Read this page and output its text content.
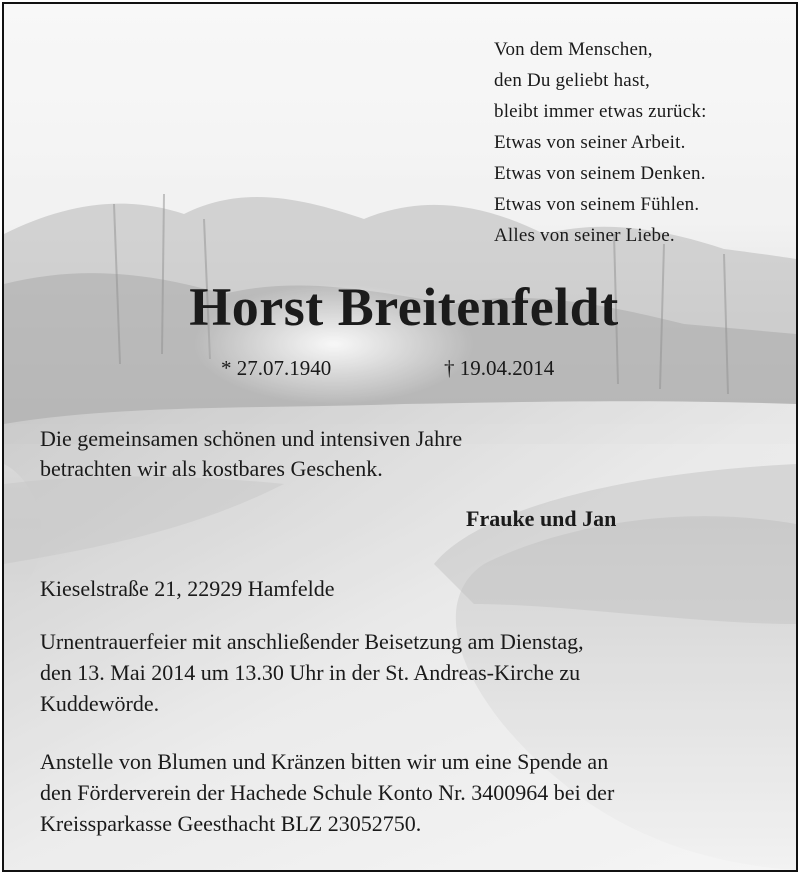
Von dem Menschen,
den Du geliebt hast,
bleibt immer etwas zurück:
Etwas von seiner Arbeit.
Etwas von seinem Denken.
Etwas von seinem Fühlen.
Alles von seiner Liebe.
Horst Breitenfeldt
* 27.07.1940	† 19.04.2014
Die gemeinsamen schönen und intensiven Jahre
betrachten wir als kostbares Geschenk.
Frauke und Jan
Kieselstraße 21, 22929 Hamfelde
Urnentrauerfeier mit anschließender Beisetzung am Dienstag,
den 13. Mai 2014 um 13.30 Uhr in der St. Andreas-Kirche zu
Kuddewörde.
Anstelle von Blumen und Kränzen bitten wir um eine Spende an
den Förderverein der Hachede Schule Konto Nr. 3400964 bei der
Kreissparkasse Geesthacht BLZ 23052750.
